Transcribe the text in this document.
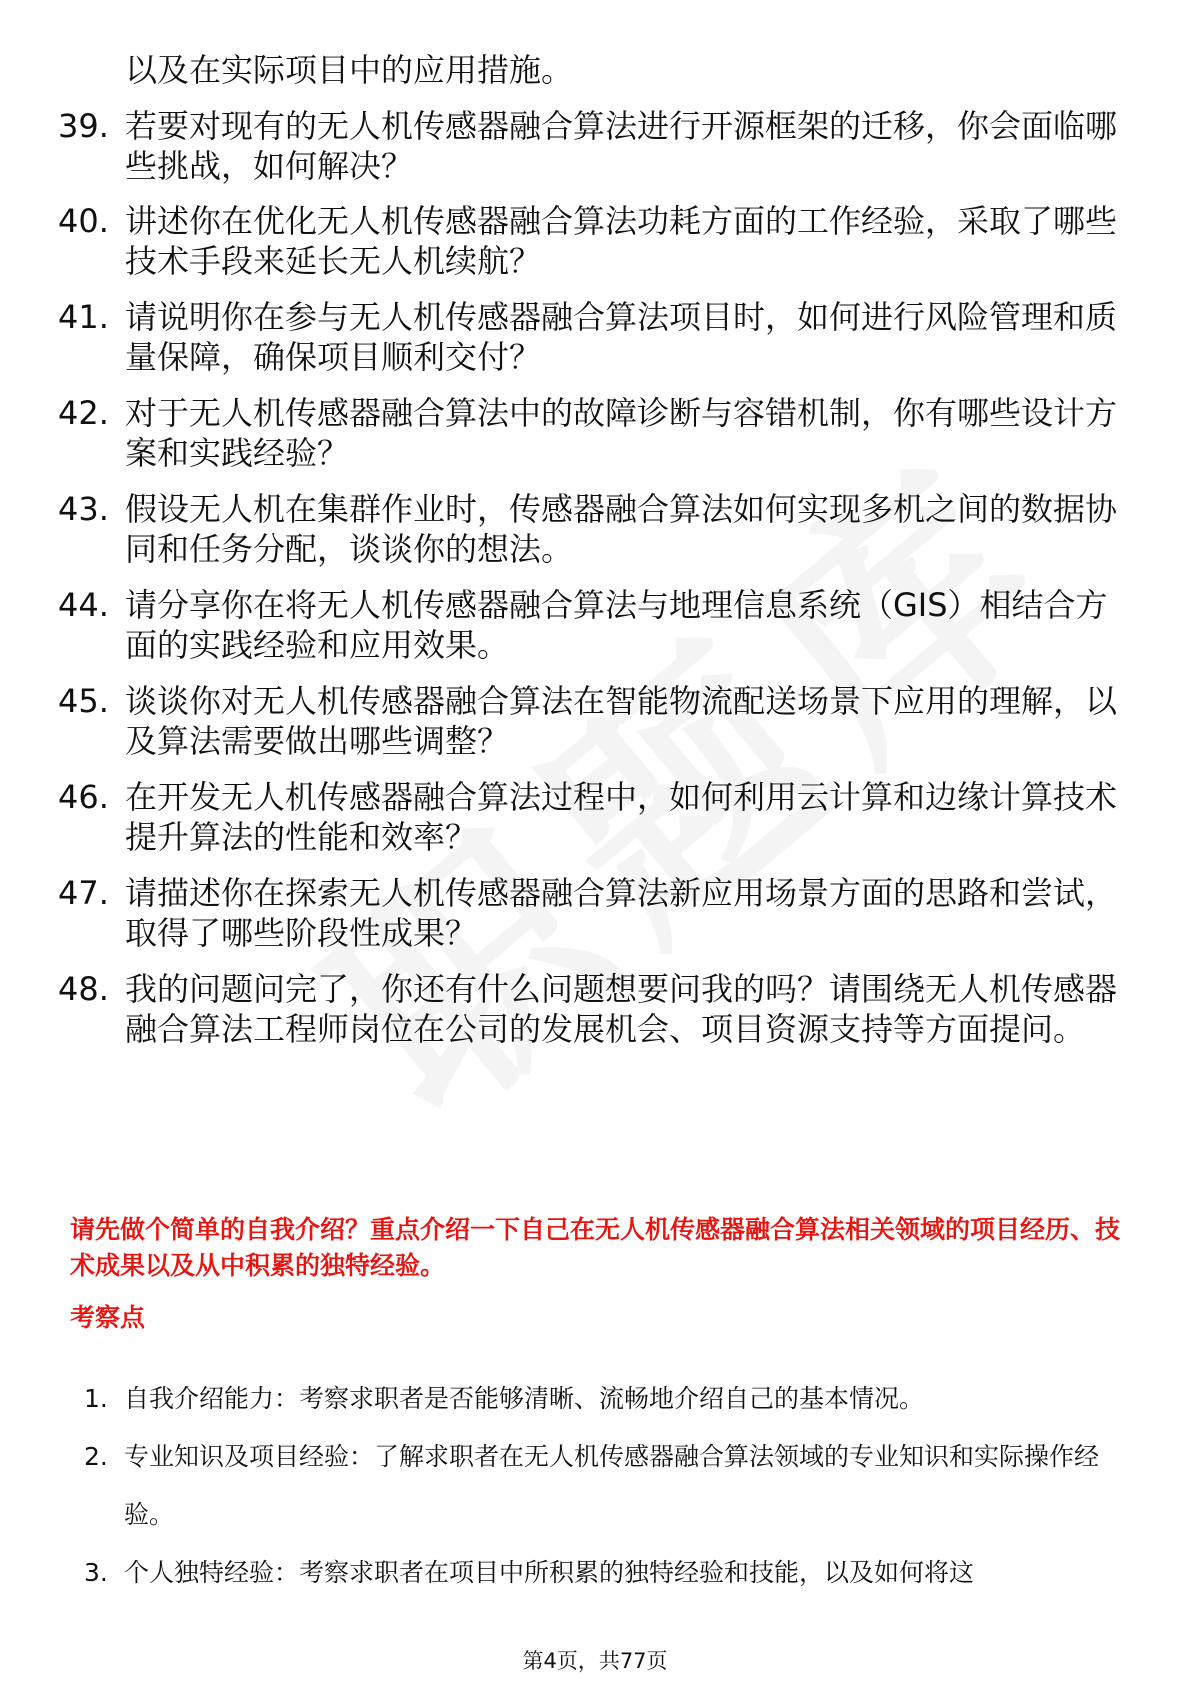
以及在实际项目中的应用措施。
39. 若要对现有的无人机传感器融合算法进行开源框架的迁移，你会面临哪些挑战，如何解决？
40. 讲述你在优化无人机传感器融合算法功耗方面的工作经验，采取了哪些技术手段来延长无人机续航？
41. 请说明你在参与无人机传感器融合算法项目时，如何进行风险管理和质量保障，确保项目顺利交付？
42. 对于无人机传感器融合算法中的故障诊断与容错机制，你有哪些设计方案和实践经验？
43. 假设无人机在集群作业时，传感器融合算法如何实现多机之间的数据协同和任务分配，谈谈你的想法。
44. 请分享你在将无人机传感器融合算法与地理信息系统（GIS）相结合方面的实践经验和应用效果。
45. 谈谈你对无人机传感器融合算法在智能物流配送场景下应用的理解，以及算法需要做出哪些调整？
46. 在开发无人机传感器融合算法过程中，如何利用云计算和边缘计算技术提升算法的性能和效率？
47. 请描述你在探索无人机传感器融合算法新应用场景方面的思路和尝试，取得了哪些阶段性成果？
48. 我的问题问完了，你还有什么问题想要问我的吗？请围绕无人机传感器融合算法工程师岗位在公司的发展机会、项目资源支持等方面提问。
请先做个简单的自我介绍？重点介绍一下自己在无人机传感器融合算法相关领域的项目经历、技术成果以及从中积累的独特经验。
考察点
1. 自我介绍能力：考察求职者是否能够清晰、流畅地介绍自己的基本情况。
2. 专业知识及项目经验：了解求职者在无人机传感器融合算法领域的专业知识和实际操作经验。
3. 个人独特经验：考察求职者在项目中所积累的独特经验和技能，以及如何将这
第4页，共77页
